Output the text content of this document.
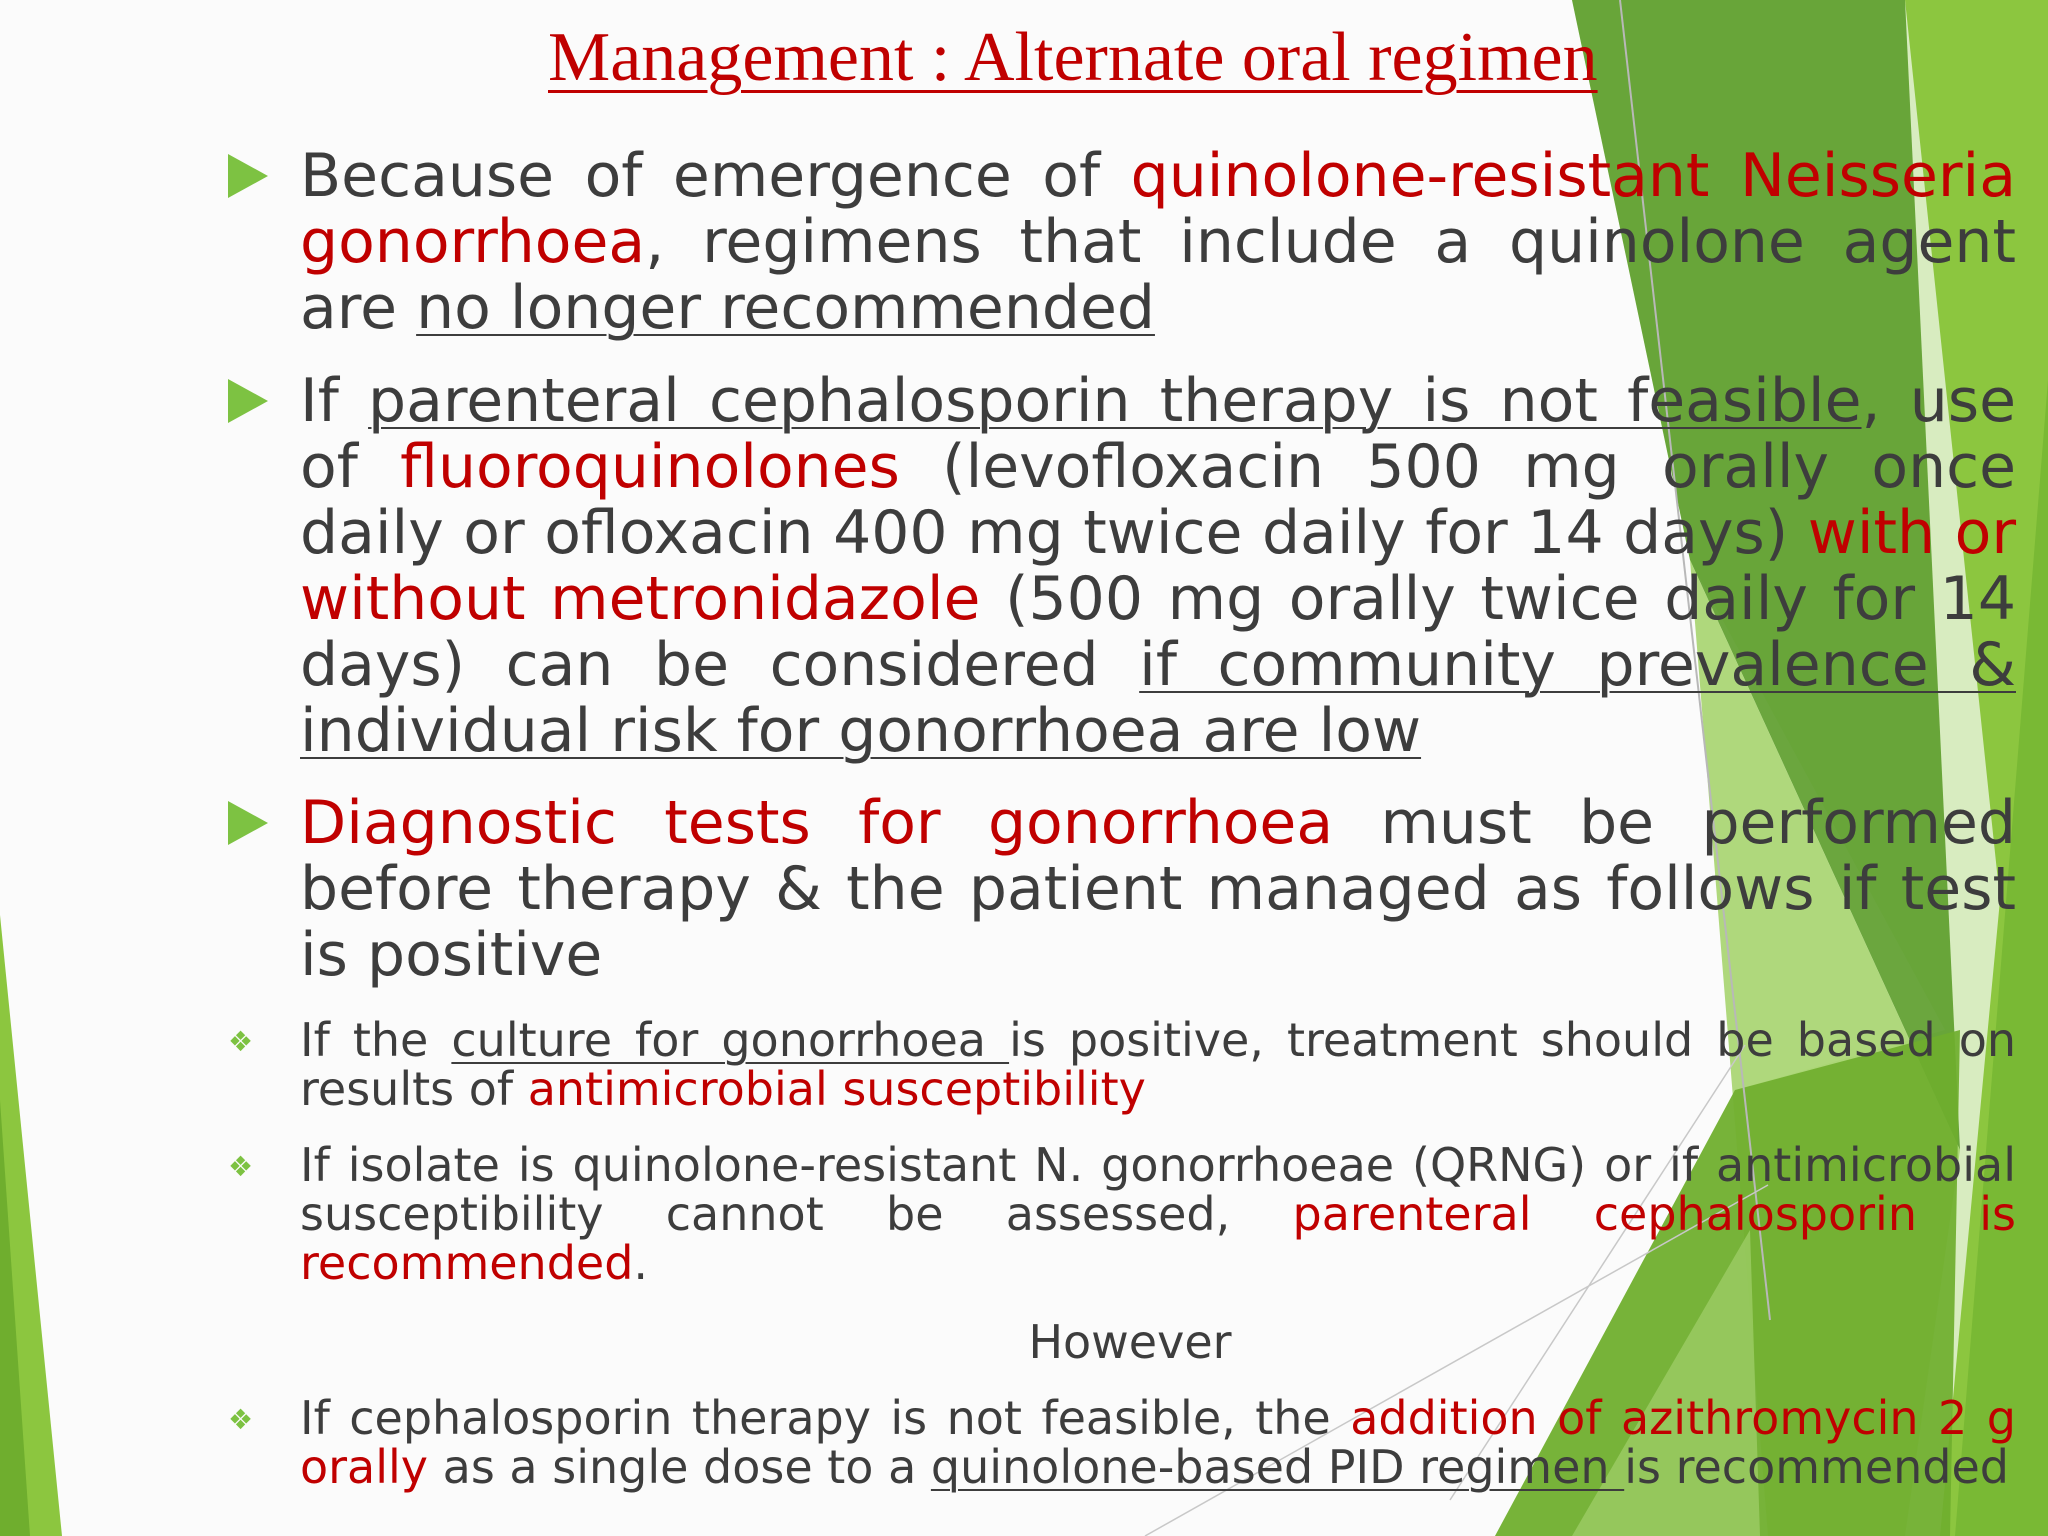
Management : Alternate oral regimen

Because of emergence of quinolone-resistant Neisseria gonorrhoea, regimens that include a quinolone agent are no longer recommended

If parenteral cephalosporin therapy is not feasible, use of fluoroquinolones (levofloxacin 500 mg orally once daily or ofloxacin 400 mg twice daily for 14 days) with or without metronidazole (500 mg orally twice daily for 14 days) can be considered if community prevalence & individual risk for gonorrhoea are low

Diagnostic tests for gonorrhoea must be performed before therapy & the patient managed as follows if test is positive

❖ If the culture for gonorrhoea is positive, treatment should be based on results of antimicrobial susceptibility

❖ If isolate is quinolone-resistant N. gonorrhoeae (QRNG) or if antimicrobial susceptibility cannot be assessed, parenteral cephalosporin is recommended.

However

❖ If cephalosporin therapy is not feasible, the addition of azithromycin 2 g orally as a single dose to a quinolone-based PID regimen is recommended
